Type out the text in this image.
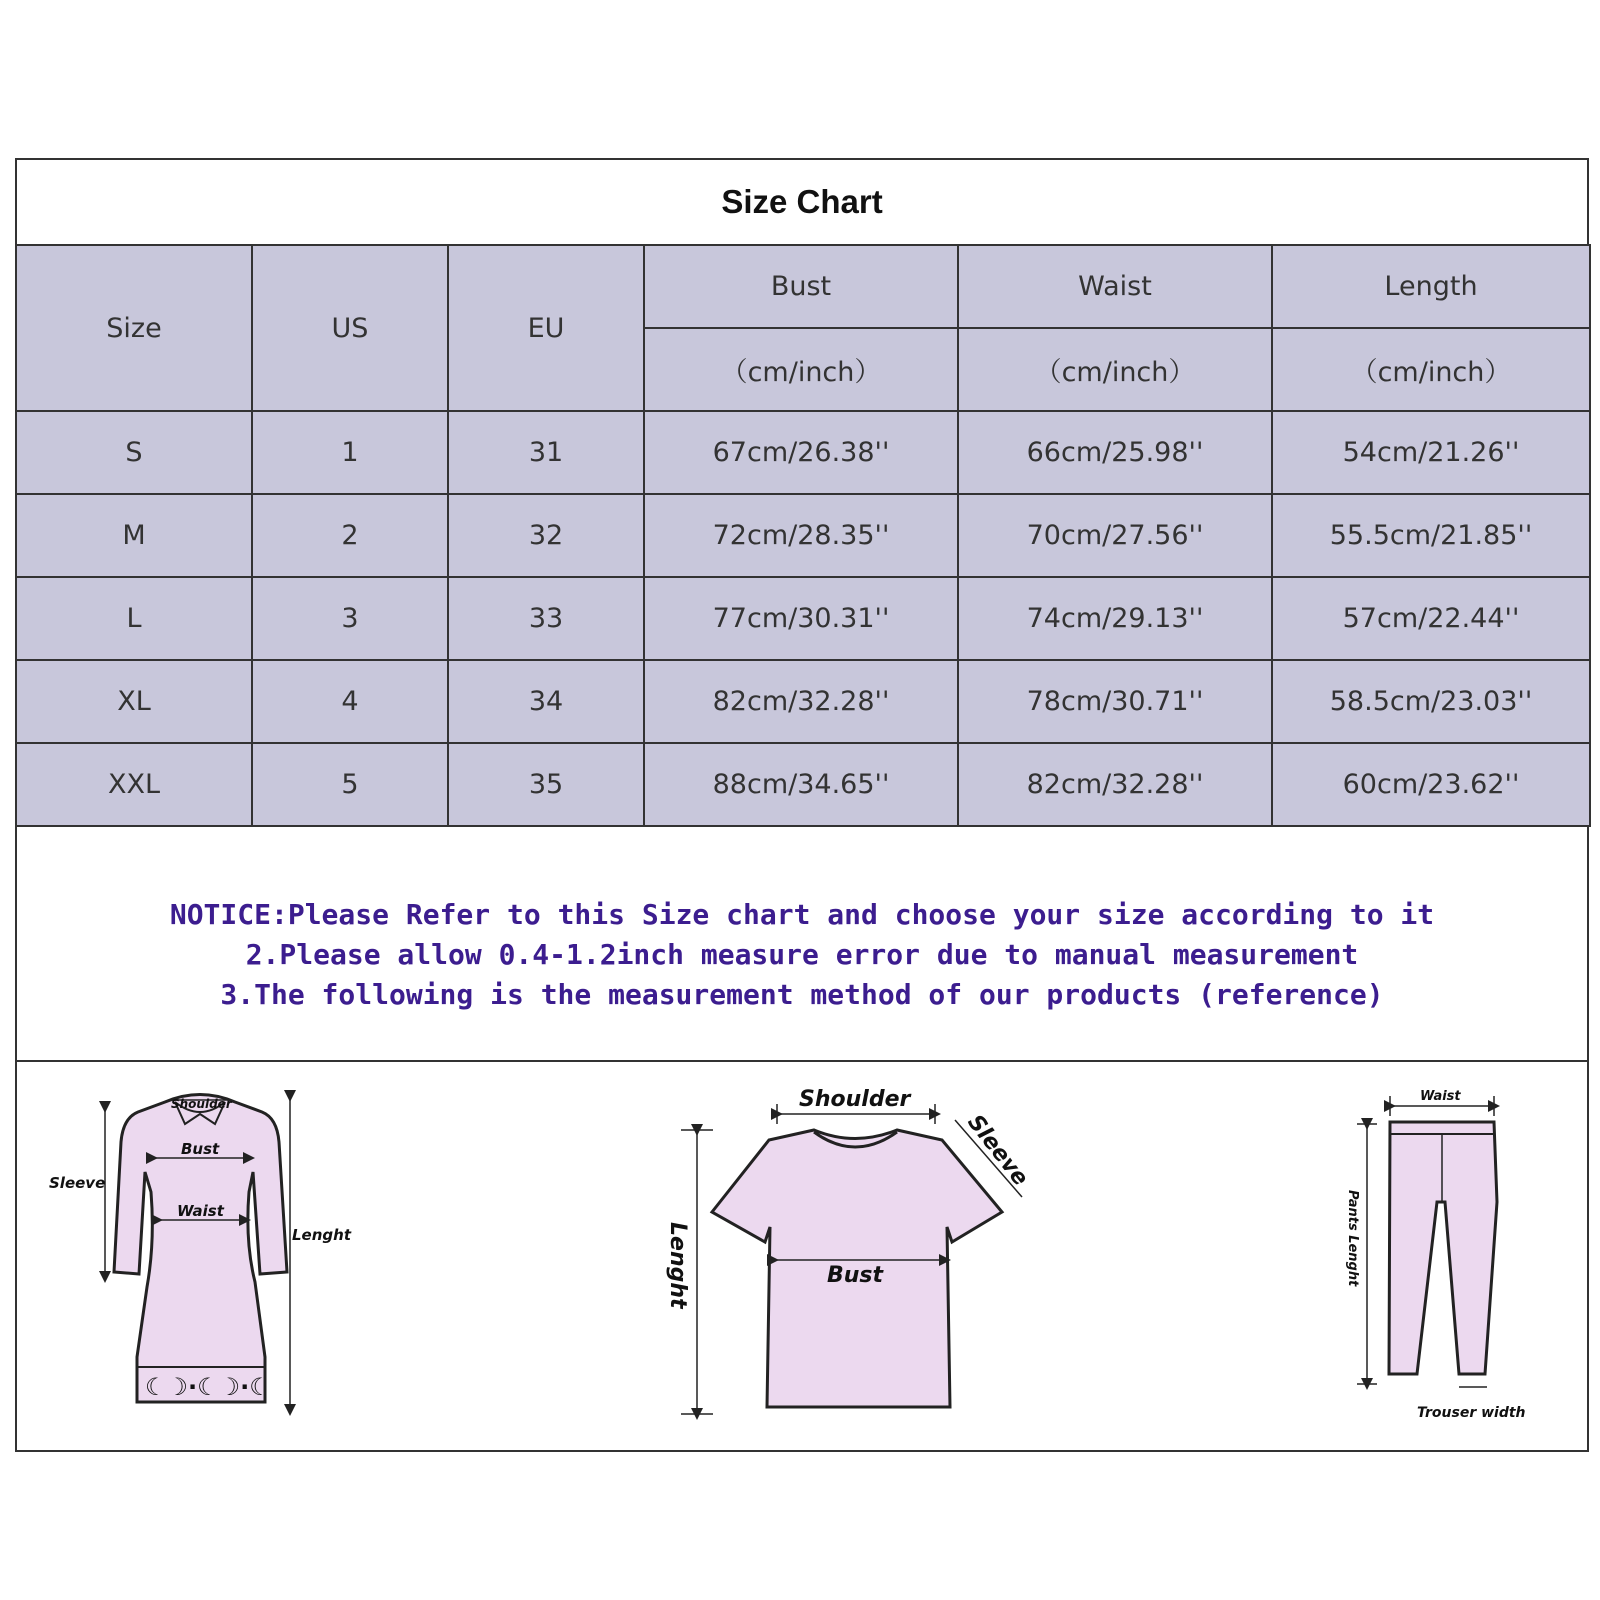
Size Chart
Size	US	EU	Bust	Waist	Length
			（cm/inch）	（cm/inch）	（cm/inch）
S	1	31	67cm/26.38''	66cm/25.98''	54cm/21.26''
M	2	32	72cm/28.35''	70cm/27.56''	55.5cm/21.85''
L	3	33	77cm/30.31''	74cm/29.13''	57cm/22.44''
XL	4	34	82cm/32.28''	78cm/30.71''	58.5cm/23.03''
XXL	5	35	88cm/34.65''	82cm/32.28''	60cm/23.62''
NOTICE:Please Refer to this Size chart and choose your size according to it
2.Please allow 0.4-1.2inch measure error due to manual measurement
3.The following is the measurement method of our products (reference)
☾☽·☾☽·☾
Shoulder
Bust
Waist
Sleeve
Lenght
Shoulder
Sleeve
Lenght	Bust
Waist
Pants Lenght
Trouser width
